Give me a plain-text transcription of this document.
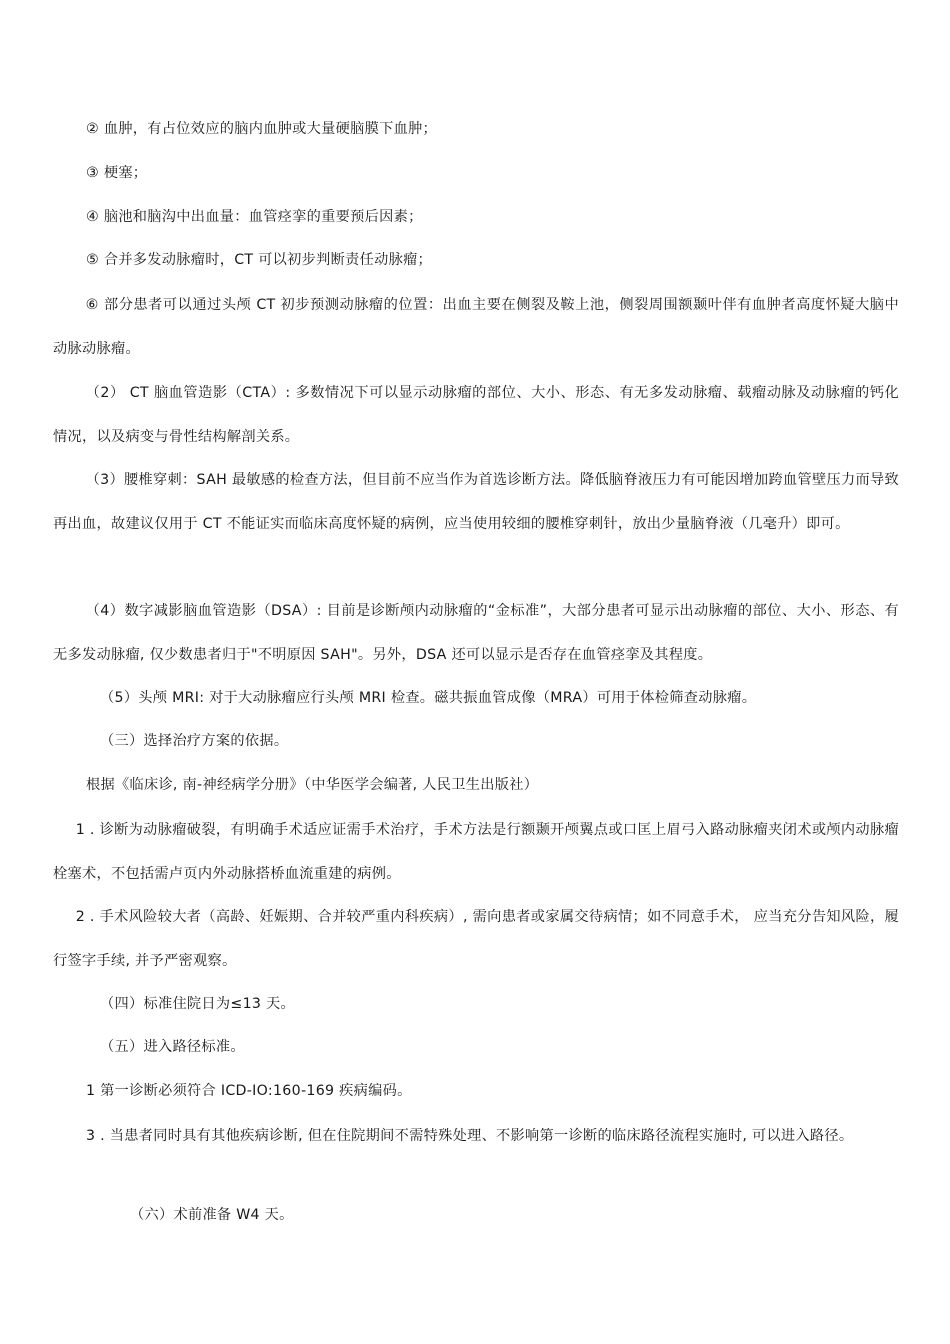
② 血肿，有占位效应的脑内血肿或大量硬脑膜下血肿；
③ 梗塞；
④ 脑池和脑沟中出血量：血管痉挛的重要预后因素；
⑤ 合并多发动脉瘤时，CT 可以初步判断责任动脉瘤；
⑥ 部分患者可以通过头颅 CT 初步预测动脉瘤的位置：出血主要在侧裂及鞍上池，侧裂周围额颞叶伴有血肿者高度怀疑大脑中动脉动脉瘤。
（2） CT 脑血管造影（CTA）: 多数情况下可以显示动脉瘤的部位、大小、形态、有无多发动脉瘤、载瘤动脉及动脉瘤的钙化情况，以及病变与骨性结构解剖关系。
（3）腰椎穿刺：SAH 最敏感的检查方法，但目前不应当作为首选诊断方法。降低脑脊液压力有可能因增加跨血管壁压力而导致再出血，故建议仅用于 CT 不能证实而临床高度怀疑的病例，应当使用较细的腰椎穿刺针，放出少量脑脊液（几毫升）即可。
（4）数字减影脑血管造影（DSA）: 目前是诊断颅内动脉瘤的“金标准”，大部分患者可显示出动脉瘤的部位、大小、形态、有无多发动脉瘤, 仅少数患者归于"不明原因 SAH"。另外，DSA 还可以显示是否存在血管痉挛及其程度。
（5）头颅 MRI: 对于大动脉瘤应行头颅 MRI 检查。磁共振血管成像（MRA）可用于体检筛查动脉瘤。
（三）选择治疗方案的依据。
根据《临床诊, 南-神经病学分册》（中华医学会编著, 人民卫生出版社）
1 . 诊断为动脉瘤破裂，有明确手术适应证需手术治疗，手术方法是行额颞开颅翼点或口匡上眉弓入路动脉瘤夹闭术或颅内动脉瘤栓塞术，不包括需卢页内外动脉搭桥血流重建的病例。
2 . 手术风险较大者（高龄、妊娠期、合并较严重内科疾病）, 需向患者或家属交待病情；如不同意手术， 应当充分告知风险，履行签字手续, 并予严密观察。
（四）标准住院日为≤13 天。
（五）进入路径标准。
1 第一诊断必须符合 ICD-IO:160-169 疾病编码。
3 . 当患者同时具有其他疾病诊断, 但在住院期间不需特殊处理、不影响第一诊断的临床路径流程实施时, 可以进入路径。
（六）术前准备 W4 天。
